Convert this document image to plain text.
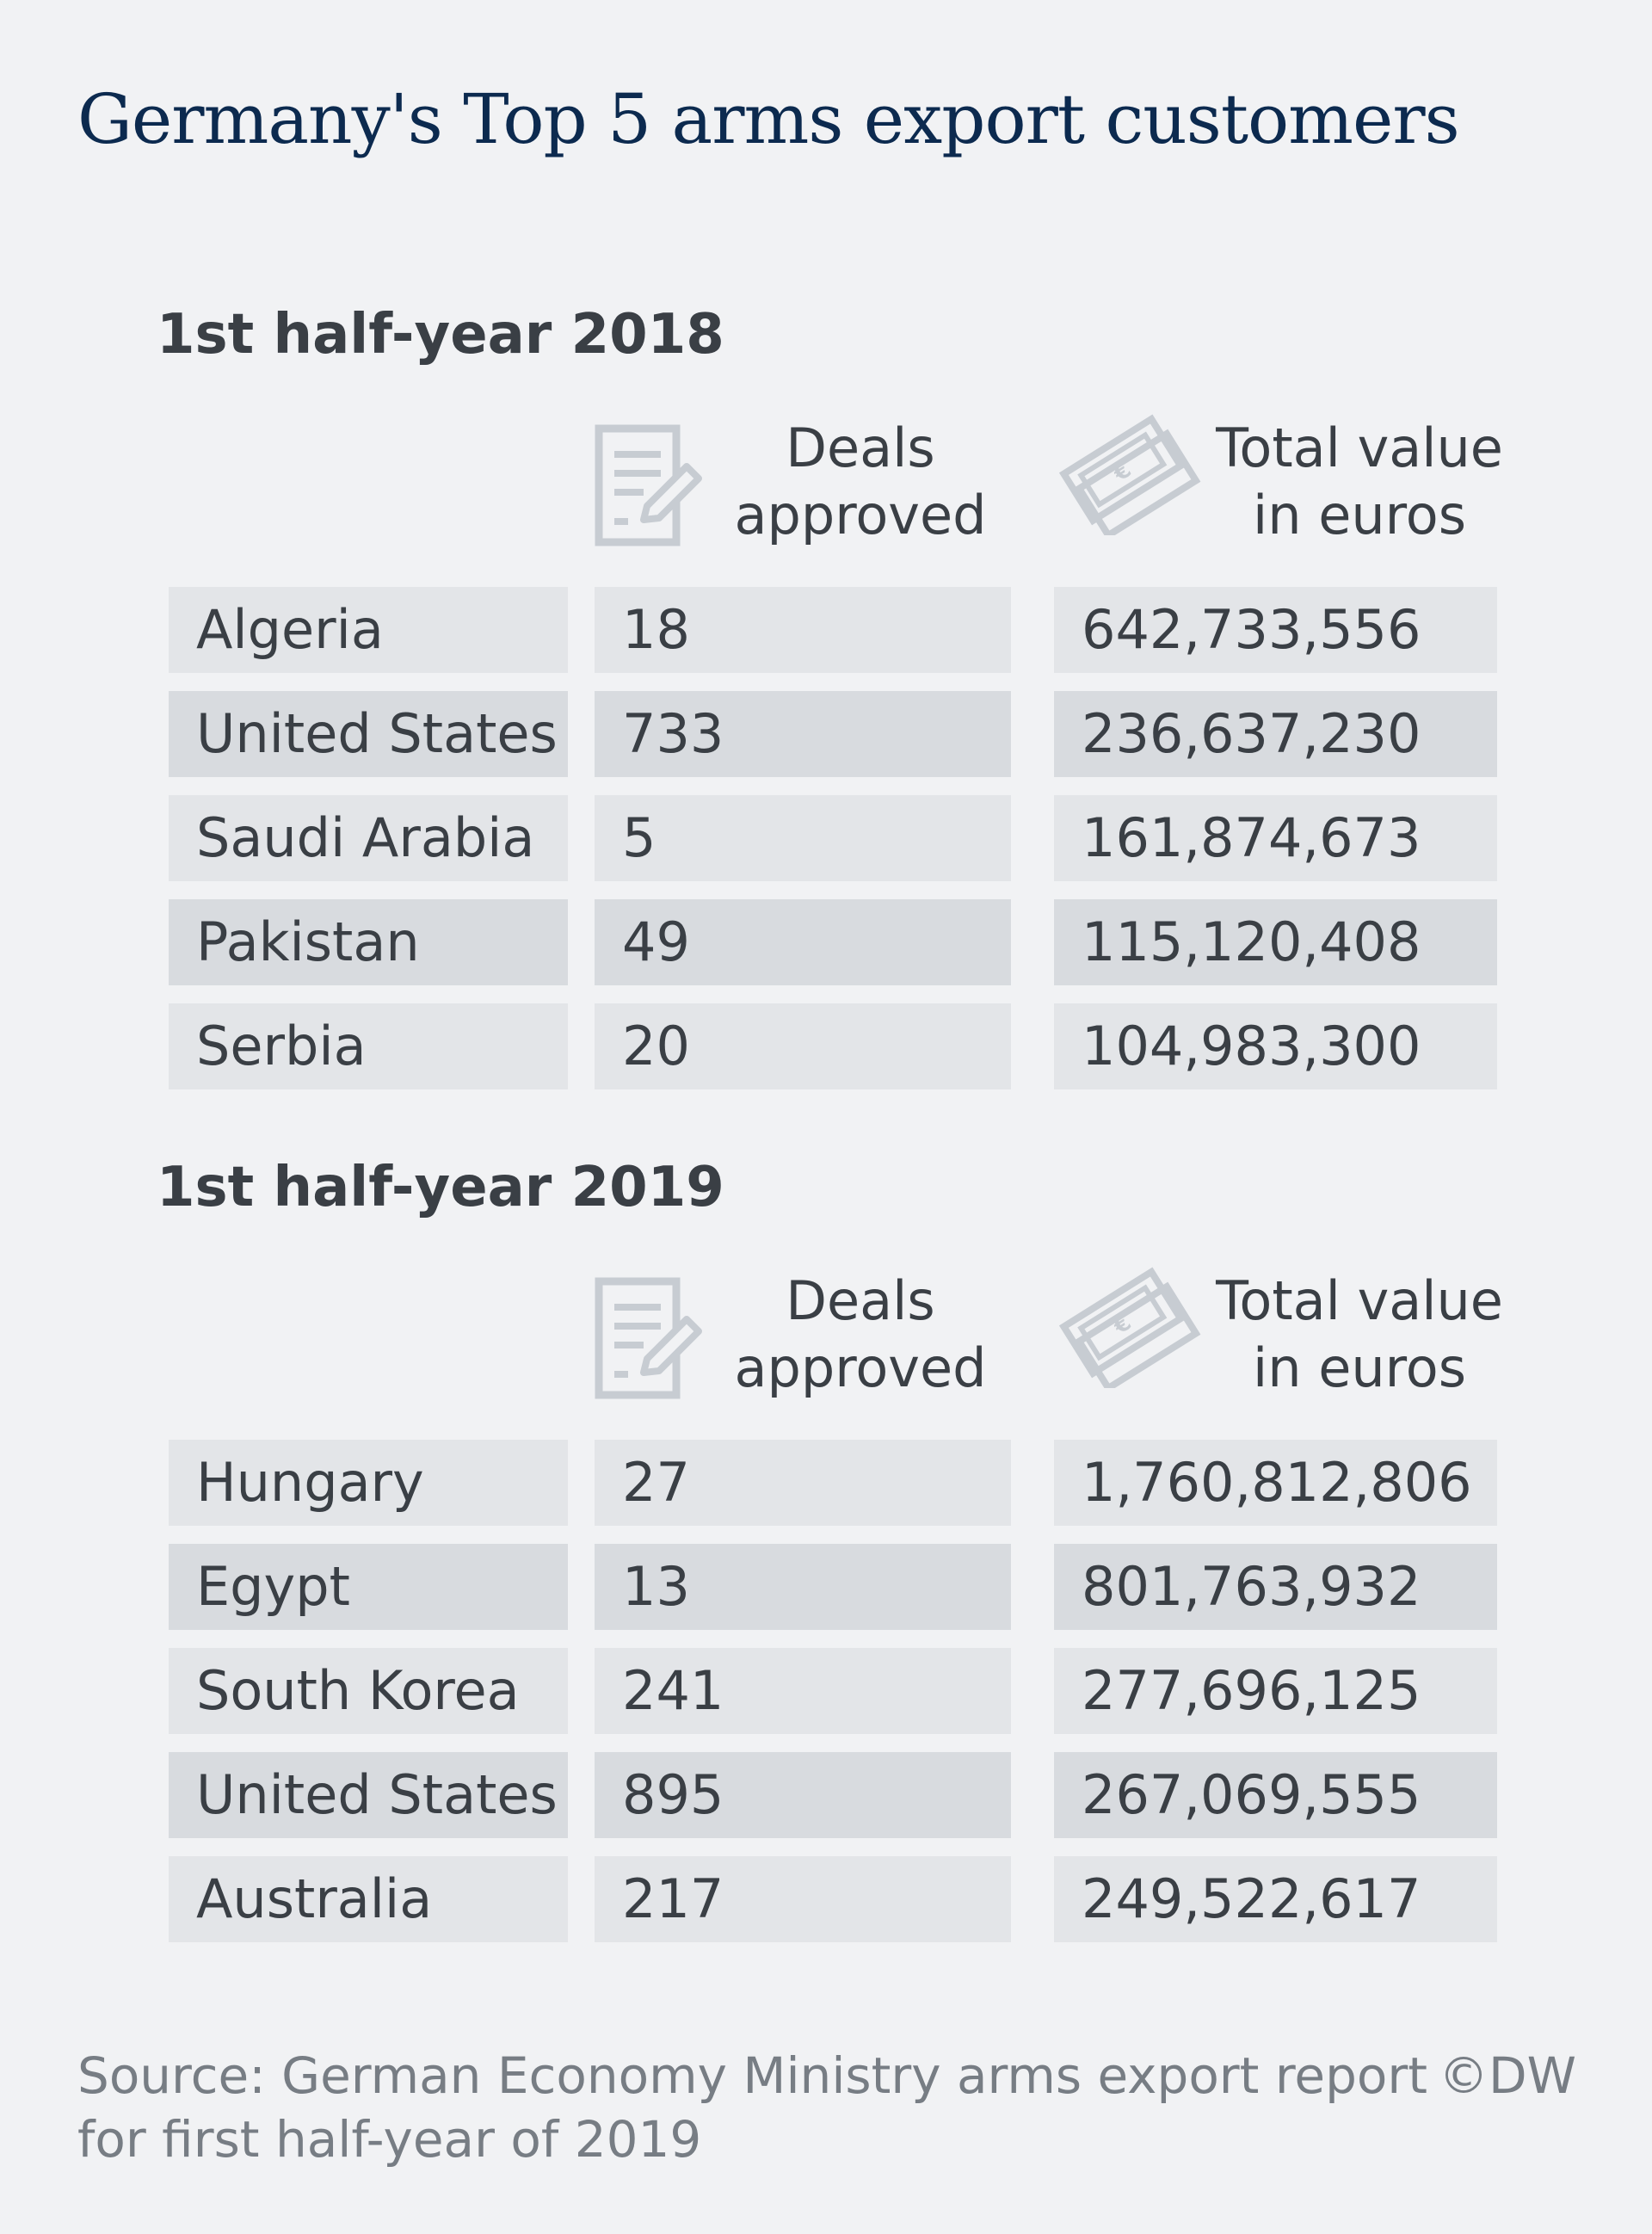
Germany's Top 5 arms export customers
1st half-year 2018
Deals
approved
€ Total value
in euros
Algeria	18	642,733,556
United States	733	236,637,230
Saudi Arabia	5	161,874,673
Pakistan	49	115,120,408
Serbia	20	104,983,300
1st half-year 2019
Deals
approved
€ Total value
in euros
Hungary	27	1,760,812,806
Egypt	13	801,763,932
South Korea	241	277,696,125
United States	895	267,069,555
Australia	217	249,522,617
Source: German Economy Ministry arms export report
for first half-year of 2019
©DW
